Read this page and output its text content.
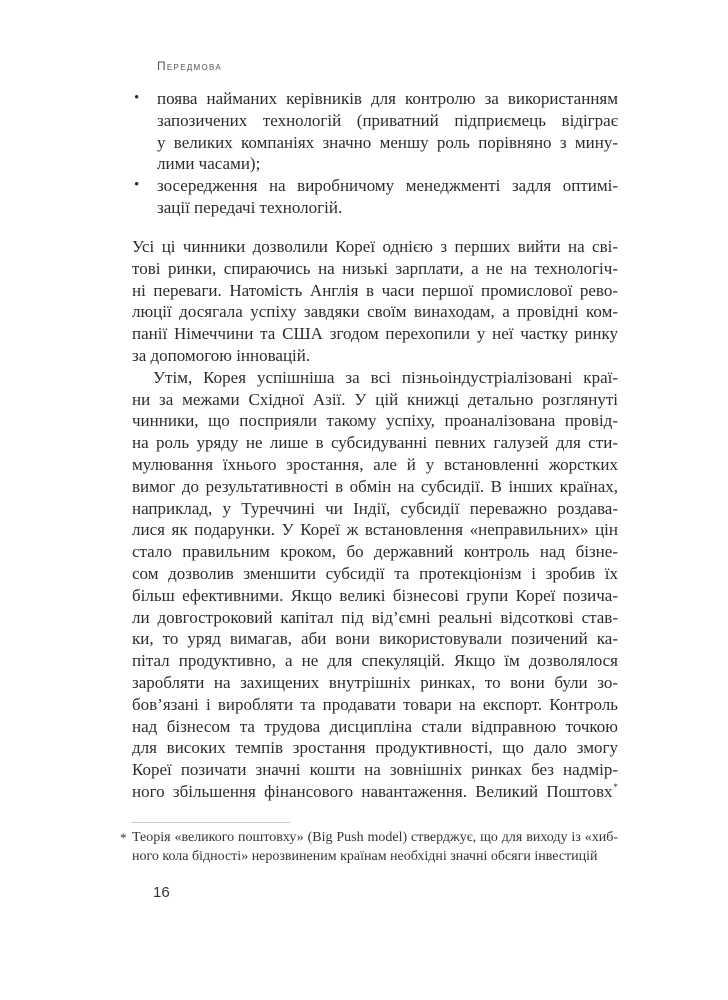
Передмова
• поява найманих керівників для контролю за використанням
запозичених технологій (приватний підприємець відіграє
у великих компаніях значно меншу роль порівняно з мину-
лими часами);
• зосередження на виробничому менеджменті задля оптимі-
зації передачі технологій.
Усі ці чинники дозволили Кореї однією з перших вийти на сві-
тові ринки, спираючись на низькі зарплати, а не на технологіч-
ні переваги. Натомість Англія в часи першої промислової рево-
люції досягала успіху завдяки своїм винаходам, а провідні ком-
панії Німеччини та США згодом перехопили у неї частку ринку
за допомогою інновацій.
Утім, Корея успішніша за всі пізньоіндустріалізовані краї-
ни за межами Східної Азії. У цій книжці детально розглянуті
чинники, що посприяли такому успіху, проаналізована провід-
на роль уряду не лише в субсидуванні певних галузей для сти-
мулювання їхнього зростання, але й у встановленні жорстких
вимог до результативності в обмін на субсидії. В інших країнах,
наприклад, у Туреччині чи Індії, субсидії переважно роздава-
лися як подарунки. У Кореї ж встановлення «неправильних» цін
стало правильним кроком, бо державний контроль над бізне-
сом дозволив зменшити субсидії та протекціонізм і зробив їх
більш ефективними. Якщо великі бізнесові групи Кореї позича-
ли довгостроковий капітал під від’ємні реальні відсоткові став-
ки, то уряд вимагав, аби вони використовували позичений ка-
пітал продуктивно, а не для спекуляцій. Якщо їм дозволялося
заробляти на захищених внутрішніх ринках, то вони були зо-
бов’язані і виробляти та продавати товари на експорт. Контроль
над бізнесом та трудова дисципліна стали відправною точкою
для високих темпів зростання продуктивності, що дало змогу
Кореї позичати значні кошти на зовнішніх ринках без надмір-
ного збільшення фінансового навантаження. Великий Поштовх*
* Теорія «великого поштовху» (Big Push model) стверджує, що для виходу із «хиб-
ного кола бідності» нерозвиненим країнам необхідні значні обсяги інвестицій
16
